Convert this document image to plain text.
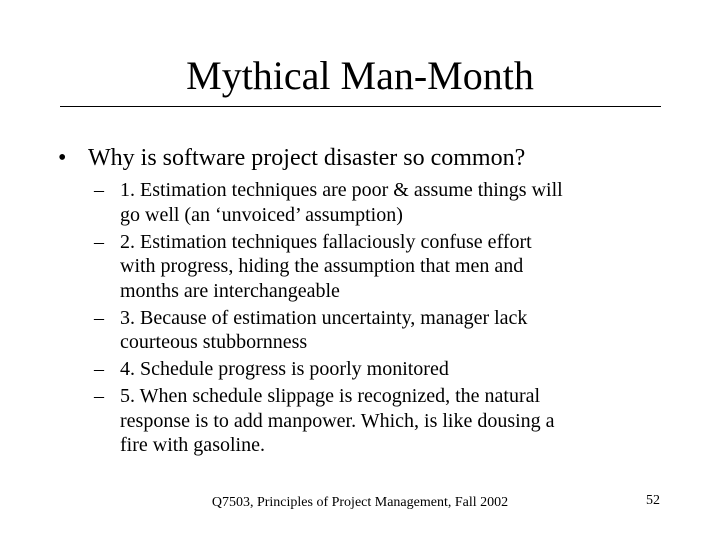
Mythical Man-Month
• Why is software project disaster so common?
– 1. Estimation techniques are poor & assume things will
go well (an ‘unvoiced’ assumption)
– 2. Estimation techniques fallaciously confuse effort
with progress, hiding the assumption that men and
months are interchangeable
– 3. Because of estimation uncertainty, manager lack
courteous stubbornness
– 4. Schedule progress is poorly monitored
– 5. When schedule slippage is recognized, the natural
response is to add manpower. Which, is like dousing a
fire with gasoline.
Q7503, Principles of Project Management, Fall 2002	52
